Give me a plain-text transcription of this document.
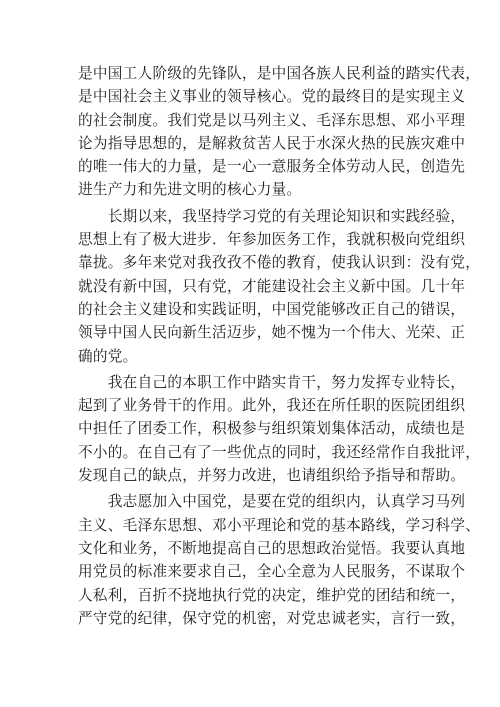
是中国工人阶级的先锋队，是中国各族人民利益的踏实代表，
是中国社会主义事业的领导核心。党的最终目的是实现主义
的社会制度。我们党是以马列主义、毛泽东思想、邓小平理
论为指导思想的，是解救贫苦人民于水深火热的民族灾难中
的唯一伟大的力量，是一心一意服务全体劳动人民，创造先
进生产力和先进文明的核心力量。
　　长期以来，我坚持学习党的有关理论知识和实践经验，
思想上有了极大进步．年参加医务工作，我就积极向党组织
靠拢。多年来党对我孜孜不倦的教育，使我认识到：没有党，
就没有新中国，只有党，才能建设社会主义新中国。几十年
的社会主义建设和实践证明，中国党能够改正自己的错误，
领导中国人民向新生活迈步，她不愧为一个伟大、光荣、正
确的党。
　　我在自己的本职工作中踏实肯干，努力发挥专业特长，
起到了业务骨干的作用。此外，我还在所任职的医院团组织
中担任了团委工作，积极参与组织策划集体活动，成绩也是
不小的。在自己有了一些优点的同时，我还经常作自我批评，
发现自己的缺点，并努力改进，也请组织给予指导和帮助。
　　我志愿加入中国党，是要在党的组织内，认真学习马列
主义、毛泽东思想、邓小平理论和党的基本路线，学习科学、
文化和业务，不断地提高自己的思想政治觉悟。我要认真地
用党员的标准来要求自己，全心全意为人民服务，不谋取个
人私利，百折不挠地执行党的决定，维护党的团结和统一，
严守党的纪律，保守党的机密，对党忠诚老实，言行一致，
